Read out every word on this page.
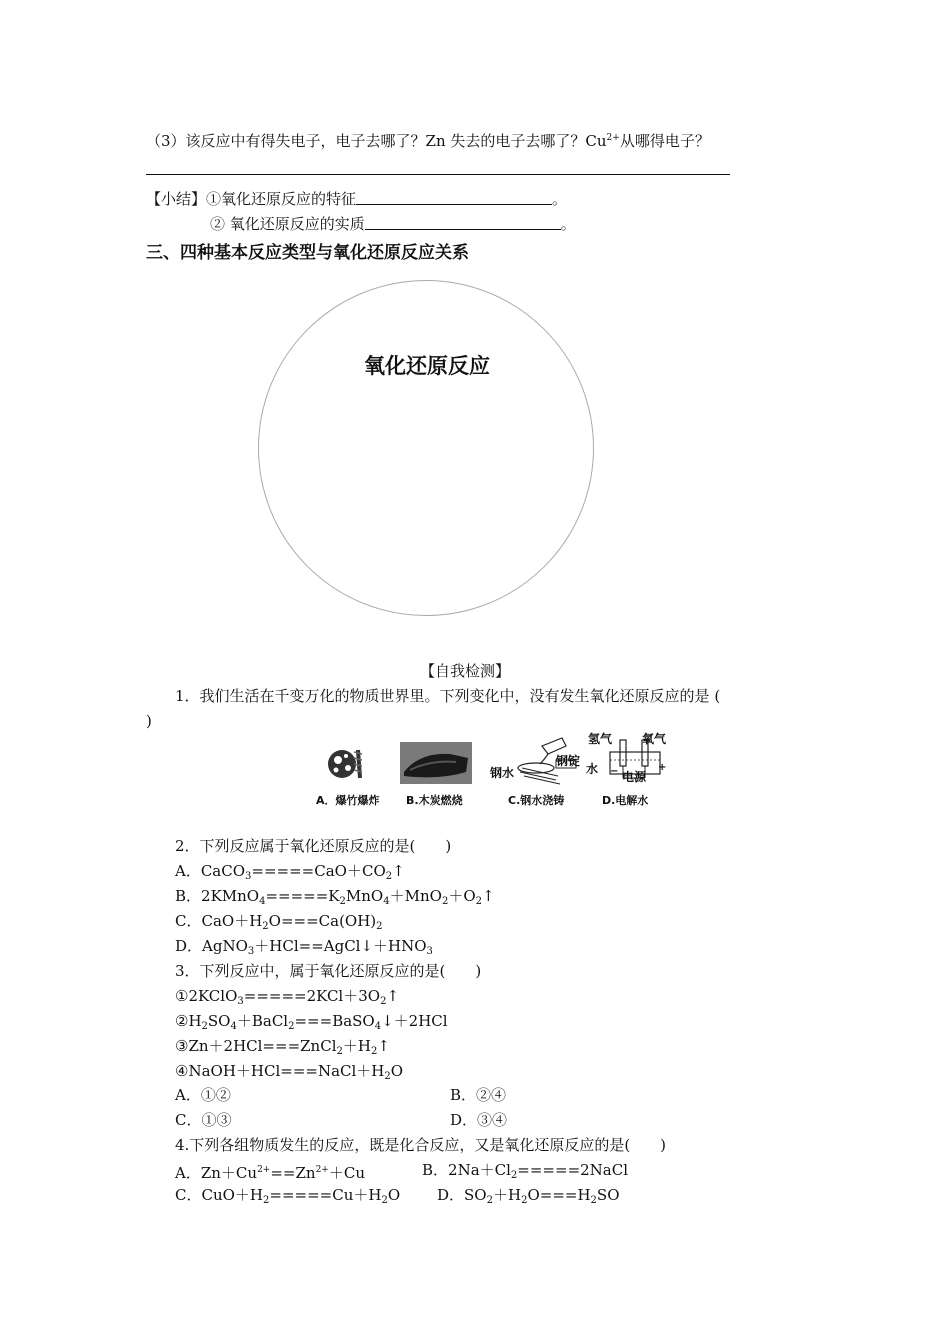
（3）该反应中有得失电子，电子去哪了？Zn 失去的电子去哪了？$Cu^{2+}$从哪得电子？
【小结】①氧化还原反应的特征	。
② 氧化还原反应的实质	。
三、四种基本反应类型与氧化还原反应关系
氧化还原反应
【自我检测】
1．我们生活在千变万化的物质世界里。下列变化中，没有发生氧化还原反应的是 (
)
钢水
钢锭
氢气 氧气
水
电源
−	+
A．爆竹爆炸 B.木炭燃烧	C.钢水浇铸	D.电解水
2．下列反应属于氧化还原反应的是(　　)
A．$CaCO_3=====CaO+CO_2↑$
B．$2KMnO_4=====K_2MnO_4+MnO_2+O_2↑$
C．$CaO+H_2O===Ca(OH)_2$
D．$AgNO_3+HCl==AgCl↓+HNO_3$
3．下列反应中，属于氧化还原反应的是(　　)
$①2KClO_3=====2KCl+3O_2↑$
$②H_2SO_4+BaCl_2===BaSO_4↓+2HCl$
$③Zn+2HCl===ZnCl_2+H_2↑$
$④NaOH+HCl===NaCl+H_2O$
A．①②	B．②④
C．①③	D．③④
4.下列各组物质发生的反应，既是化合反应，又是氧化还原反应的是(　　)
A．$Zn+Cu^{2+}==Zn^{2+}+Cu$	B．$2Na+Cl_2=====2NaCl$
C．$CuO+H_2=====Cu+H_2O$ D．$SO_2+H_2O===H_2SO$
